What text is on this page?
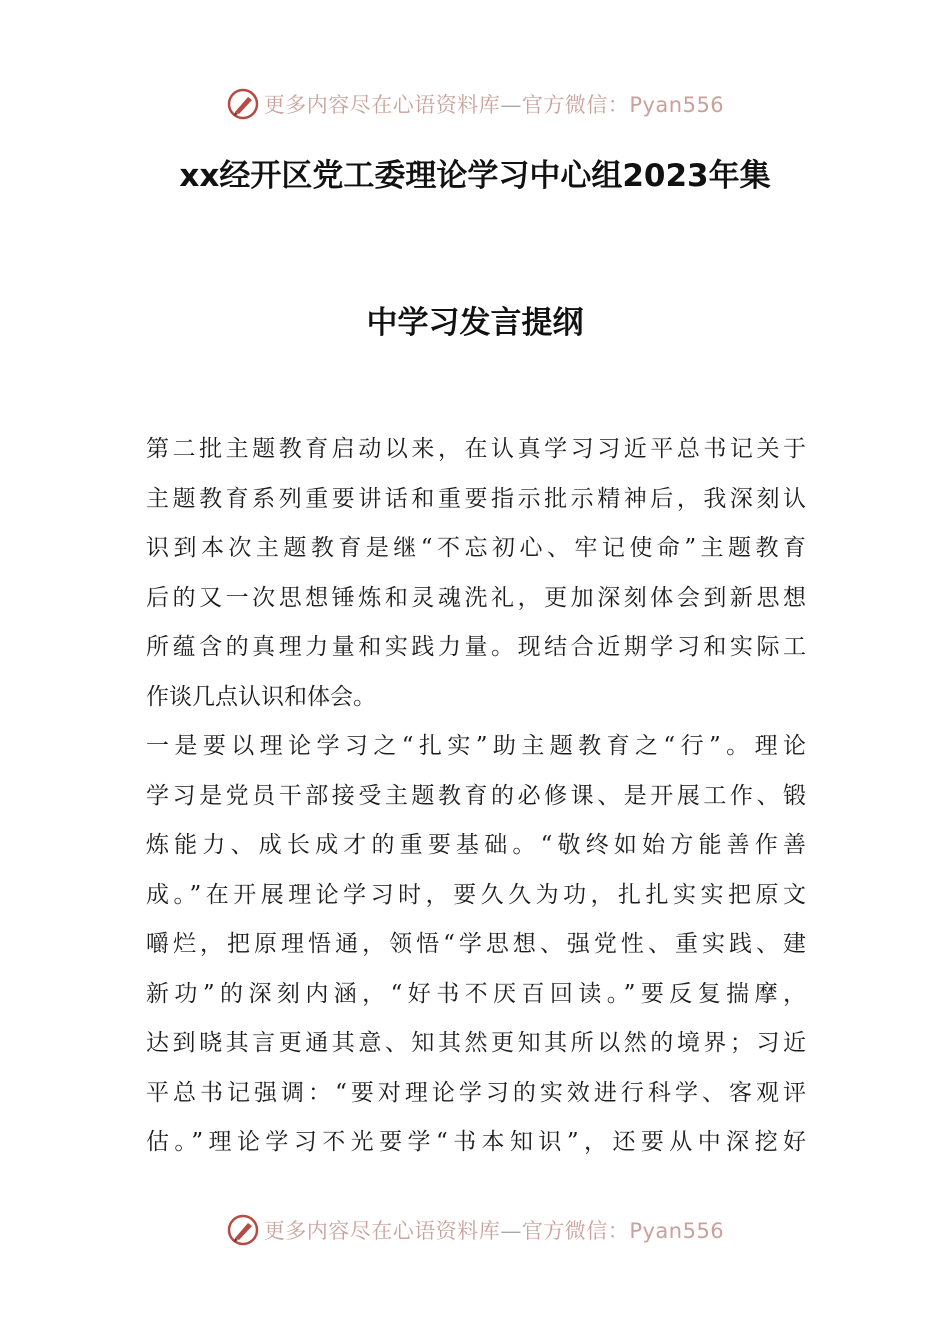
更多内容尽在心语资料库—官方微信：Pyan556
xx经开区党工委理论学习中心组2023年集
中学习发言提纲
第二批主题教育启动以来，在认真学习习近平总书记关于
主题教育系列重要讲话和重要指示批示精神后，我深刻认
识到本次主题教育是继“不忘初心、牢记使命”主题教育
后的又一次思想锤炼和灵魂洗礼，更加深刻体会到新思想
所蕴含的真理力量和实践力量。现结合近期学习和实际工
作谈几点认识和体会。
一是要以理论学习之“扎实”助主题教育之“行”。理论
学习是党员干部接受主题教育的必修课、是开展工作、锻
炼能力、成长成才的重要基础。“敬终如始方能善作善
成。”在开展理论学习时，要久久为功，扎扎实实把原文
嚼烂，把原理悟通，领悟“学思想、强党性、重实践、建
新功”的深刻内涵，“好书不厌百回读。”要反复揣摩，
达到晓其言更通其意、知其然更知其所以然的境界；习近
平总书记强调：“要对理论学习的实效进行科学、客观评
估。”理论学习不光要学“书本知识”，还要从中深挖好
更多内容尽在心语资料库—官方微信：Pyan556
